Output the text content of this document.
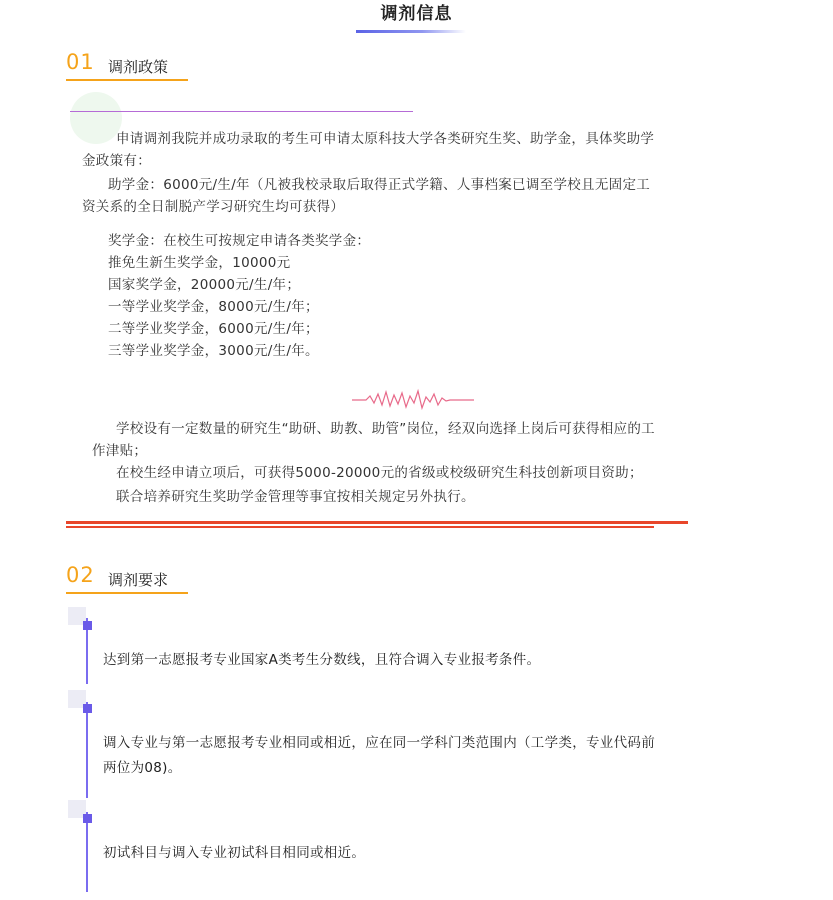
调剂信息
01 调剂政策
申请调剂我院并成功录取的考生可申请太原科技大学各类研究生奖、助学金，具体奖助学
金政策有：
助学金：6000元/生/年（凡被我校录取后取得正式学籍、人事档案已调至学校且无固定工
资关系的全日制脱产学习研究生均可获得）
奖学金：在校生可按规定申请各类奖学金：
推免生新生奖学金，10000元
国家奖学金，20000元/生/年；
一等学业奖学金，8000元/生/年；
二等学业奖学金，6000元/生/年；
三等学业奖学金，3000元/生/年。
学校设有一定数量的研究生“助研、助教、助管”岗位，经双向选择上岗后可获得相应的工
作津贴；
在校生经申请立项后，可获得5000-20000元的省级或校级研究生科技创新项目资助；
联合培养研究生奖助学金管理等事宜按相关规定另外执行。
02 调剂要求
达到第一志愿报考专业国家A类考生分数线，且符合调入专业报考条件。
调入专业与第一志愿报考专业相同或相近，应在同一学科门类范围内（工学类，专业代码前
两位为08)。
初试科目与调入专业初试科目相同或相近。
